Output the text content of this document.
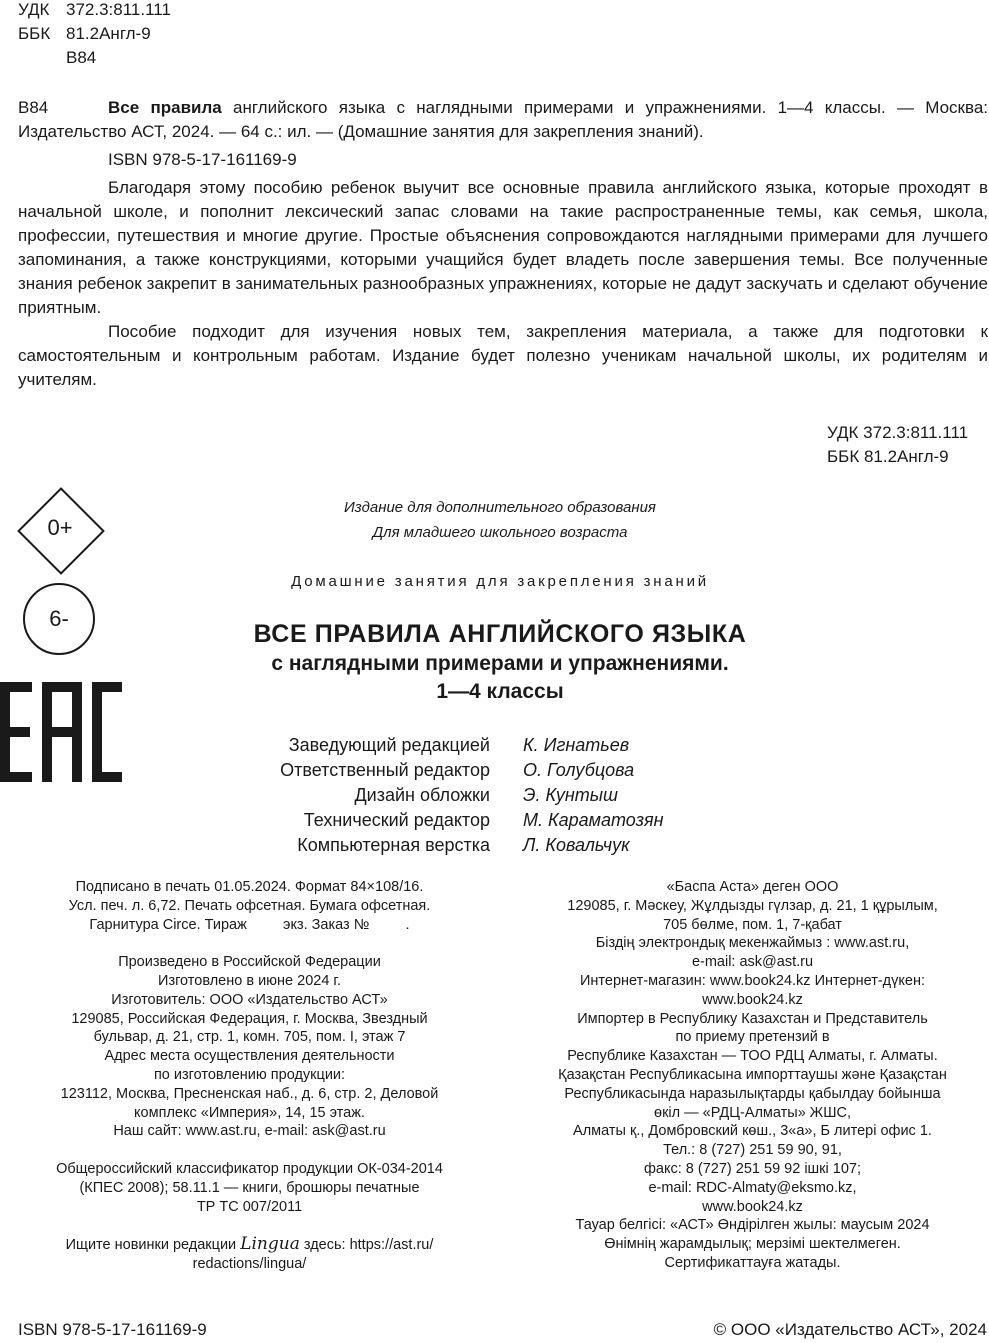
УДК 372.3:811.111
ББК 81.2Англ-9
В84

В84	Все правила английского языка с наглядными примерами и упражнениями. 1—4 классы. — Москва: Издательство АСТ, 2024. — 64 с.: ил. — (Домашние занятия для закрепления знаний).

ISBN 978-5-17-161169-9

Благодаря этому пособию ребенок выучит все основные правила английского языка, которые проходят в начальной школе, и пополнит лексический запас словами на такие распространенные темы, как семья, школа, профессии, путешествия и многие другие. Простые объяснения сопровождаются наглядными примерами для лучшего запоминания, а также конструкциями, которыми учащийся будет владеть после завершения темы. Все полученные знания ребенок закрепит в занимательных разнообразных упражнениях, которые не дадут заскучать и сделают обучение приятным.

Пособие подходит для изучения новых тем, закрепления материала, а также для подготовки к самостоятельным и контрольным работам. Издание будет полезно ученикам начальной школы, их родителям и учителям.

УДК 372.3:811.111
ББК 81.2Англ-9
0+
6-
Издание для дополнительного образования
Для младшего школьного возраста
Домашние занятия для закрепления знаний
ВСЕ ПРАВИЛА АНГЛИЙСКОГО ЯЗЫКА
с наглядными примерами и упражнениями.
1—4 классы
Заведующий редакцией
Ответственный редактор
Дизайн обложки
Технический редактор
Компьютерная верстка
К. Игнатьев
О. Голубцова
Э. Кунтыш
М. Караматозян
Л. Ковальчук
Подписано в печать 01.05.2024. Формат 84×108/16.
Усл. печ. л. 6,72. Печать офсетная. Бумага офсетная.
Гарнитура Circe. Тираж         экз. Заказ №         .
Произведено в Российской Федерации
Изготовлено в июне 2024 г.
Изготовитель: ООО «Издательство АСТ»
129085, Российская Федерация, г. Москва, Звездный
бульвар, д. 21, стр. 1, комн. 705, пом. I, этаж 7
Адрес места осуществления деятельности
по изготовлению продукции:
123112, Москва, Пресненская наб., д. 6, стр. 2, Деловой
комплекс «Империя», 14, 15 этаж.
Наш сайт: www.ast.ru, e-mail: ask@ast.ru
Общероссийский классификатор продукции ОК-034-2014
(КПЕС 2008); 58.11.1 — книги, брошюры печатные
ТР ТС 007/2011
Ищите новинки редакции Lingua здесь: https://ast.ru/
redactions/lingua/
«Баспа Аста» деген ООО
129085, г. Мәскеу, Жұлдызды гүлзар, д. 21, 1 құрылым,
705 бөлме, пом. 1, 7-қабат
Біздің электрондық мекенжаймыз : www.ast.ru,
e-mail: ask@ast.ru
Интернет-магазин: www.book24.kz Интернет-дүкен:
www.book24.kz
Импортер в Республику Казахстан и Представитель
по приему претензий в
Республике Казахстан — ТОО РДЦ Алматы, г. Алматы.
Қазақстан Республикасына импорттаушы және Қазақстан
Республикасында наразылықтарды қабылдау бойынша
өкіл — «РДЦ-Алматы» ЖШС,
Алматы қ., Домбровский көш., 3«а», Б литері офис 1.
Тел.: 8 (727) 251 59 90, 91,
факс: 8 (727) 251 59 92 ішкі 107;
e-mail: RDC-Almaty@eksmo.kz,
www.book24.kz
Тауар белгісі: «АСТ» Өндірілген жылы: маусым 2024
Өнімнің жарамдылық; мерзімі шектелмеген.
Сертификаттауға жатады.
ISBN 978-5-17-161169-9	© ООО «Издательство АСТ», 2024
